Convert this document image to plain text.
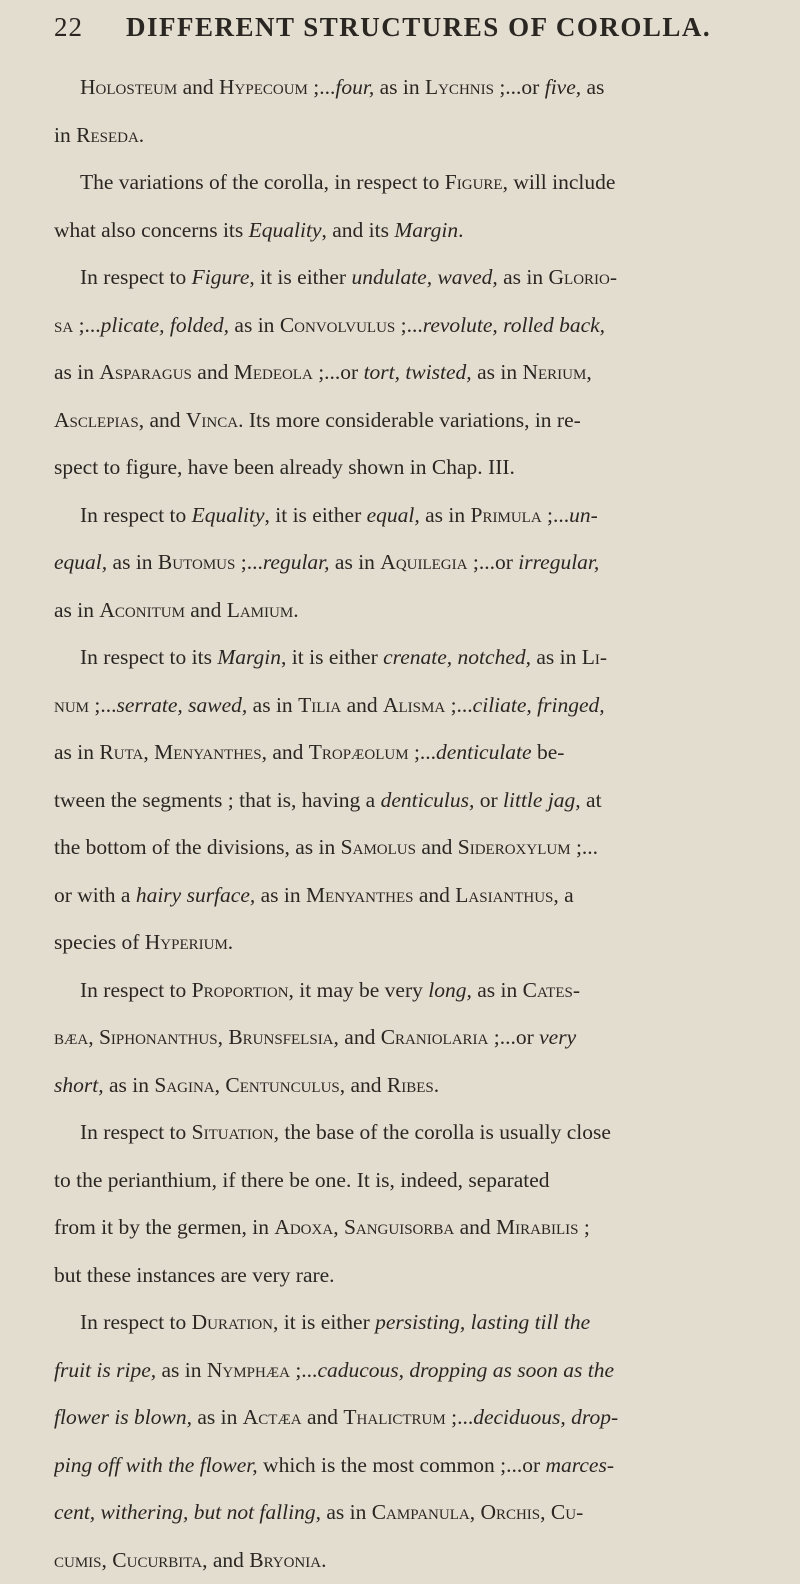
22	DIFFERENT STRUCTURES OF COROLLA.
Holosteum and Hypecoum ;...four, as in Lychnis ;...or five, as
in Reseda.
The variations of the corolla, in respect to Figure, will include
what also concerns its Equality, and its Margin.
In respect to Figure, it is either undulate, waved, as in Glorio-
sa ;...plicate, folded, as in Convolvulus ;...revolute, rolled back,
as in Asparagus and Medeola ;...or tort, twisted, as in Nerium,
Asclepias, and Vinca. Its more considerable variations, in re-
spect to figure, have been already shown in Chap. III.
In respect to Equality, it is either equal, as in Primula ;...un-
equal, as in Butomus ;...regular, as in Aquilegia ;...or irregular,
as in Aconitum and Lamium.
In respect to its Margin, it is either crenate, notched, as in Li-
num ;...serrate, sawed, as in Tilia and Alisma ;...ciliate, fringed,
as in Ruta, Menyanthes, and Tropæolum ;...denticulate be-
tween the segments ; that is, having a denticulus, or little jag, at
the bottom of the divisions, as in Samolus and Sideroxylum ;...
or with a hairy surface, as in Menyanthes and Lasianthus, a
species of Hyperium.
In respect to Proportion, it may be very long, as in Cates-
bæa, Siphonanthus, Brunsfelsia, and Craniolaria ;...or very
short, as in Sagina, Centunculus, and Ribes.
In respect to Situation, the base of the corolla is usually close
to the perianthium, if there be one. It is, indeed, separated
from it by the germen, in Adoxa, Sanguisorba and Mirabilis ;
but these instances are very rare.
In respect to Duration, it is either persisting, lasting till the
fruit is ripe, as in Nymphæa ;...caducous, dropping as soon as the
flower is blown, as in Actæa and Thalictrum ;...deciduous, drop-
ping off with the flower, which is the most common ;...or marces-
cent, withering, but not falling, as in Campanula, Orchis, Cu-
cumis, Cucurbita, and Bryonia.
